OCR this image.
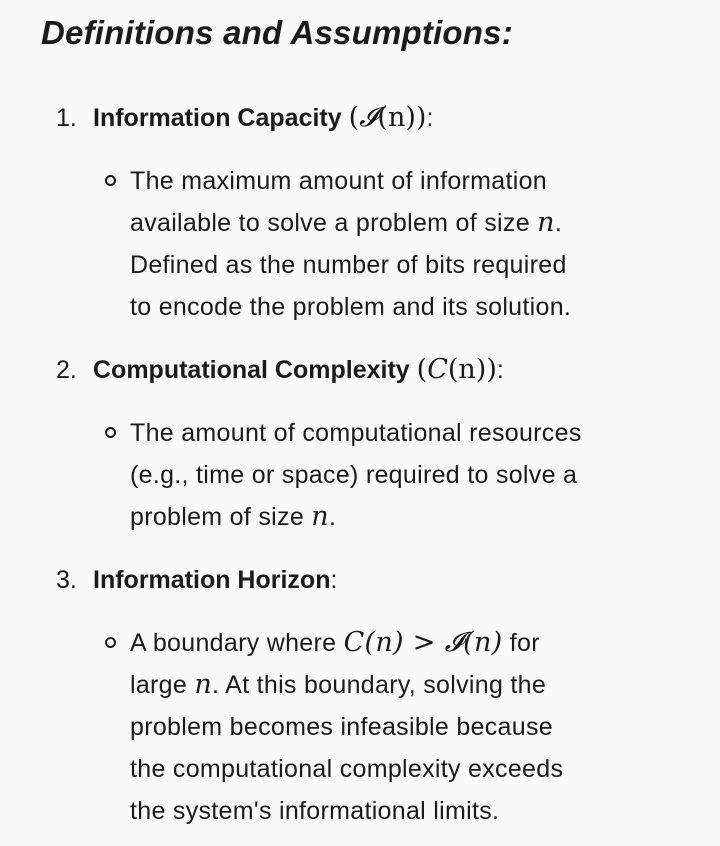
Definitions and Assumptions:
1. Information Capacity (𝓘(n)):
The maximum amount of information
available to solve a problem of size n.
Defined as the number of bits required
to encode the problem and its solution.
2. Computational Complexity (C(n)):
The amount of computational resources
(e.g., time or space) required to solve a
problem of size n.
3. Information Horizon:
A boundary where C(n) > 𝓘(n) for
large n. At this boundary, solving the
problem becomes infeasible because
the computational complexity exceeds
the system's informational limits.
